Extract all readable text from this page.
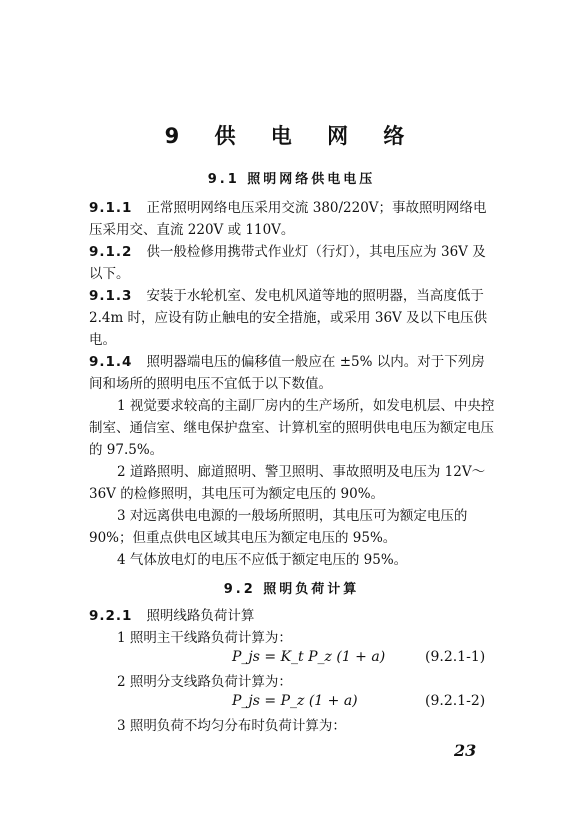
9 供 电 网 络
9.1 照明网络供电电压
9.1.1 正常照明网络电压采用交流 380/220V；事故照明网络电压采用交、直流 220V 或 110V。
9.1.2 供一般检修用携带式作业灯（行灯），其电压应为 36V 及以下。
9.1.3 安装于水轮机室、发电机风道等地的照明器，当高度低于 2.4m 时，应设有防止触电的安全措施，或采用 36V 及以下电压供电。
9.1.4 照明器端电压的偏移值一般应在 ±5% 以内。对于下列房间和场所的照明电压不宜低于以下数值。
1 视觉要求较高的主副厂房内的生产场所，如发电机层、中央控制室、通信室、继电保护盘室、计算机室的照明供电电压为额定电压的 97.5%。
2 道路照明、廊道照明、警卫照明、事故照明及电压为 12V～36V 的检修照明，其电压可为额定电压的 90%。
3 对远离供电电源的一般场所照明，其电压可为额定电压的 90%；但重点供电区域其电压为额定电压的 95%。
4 气体放电灯的电压不应低于额定电压的 95%。
9.2 照明负荷计算
9.2.1 照明线路负荷计算
1 照明主干线路负荷计算为：
P_js = K_t P_z (1 + a)	(9.2.1-1)
2 照明分支线路负荷计算为：
P_js = P_z (1 + a)	(9.2.1-2)
3 照明负荷不均匀分布时负荷计算为：
23
